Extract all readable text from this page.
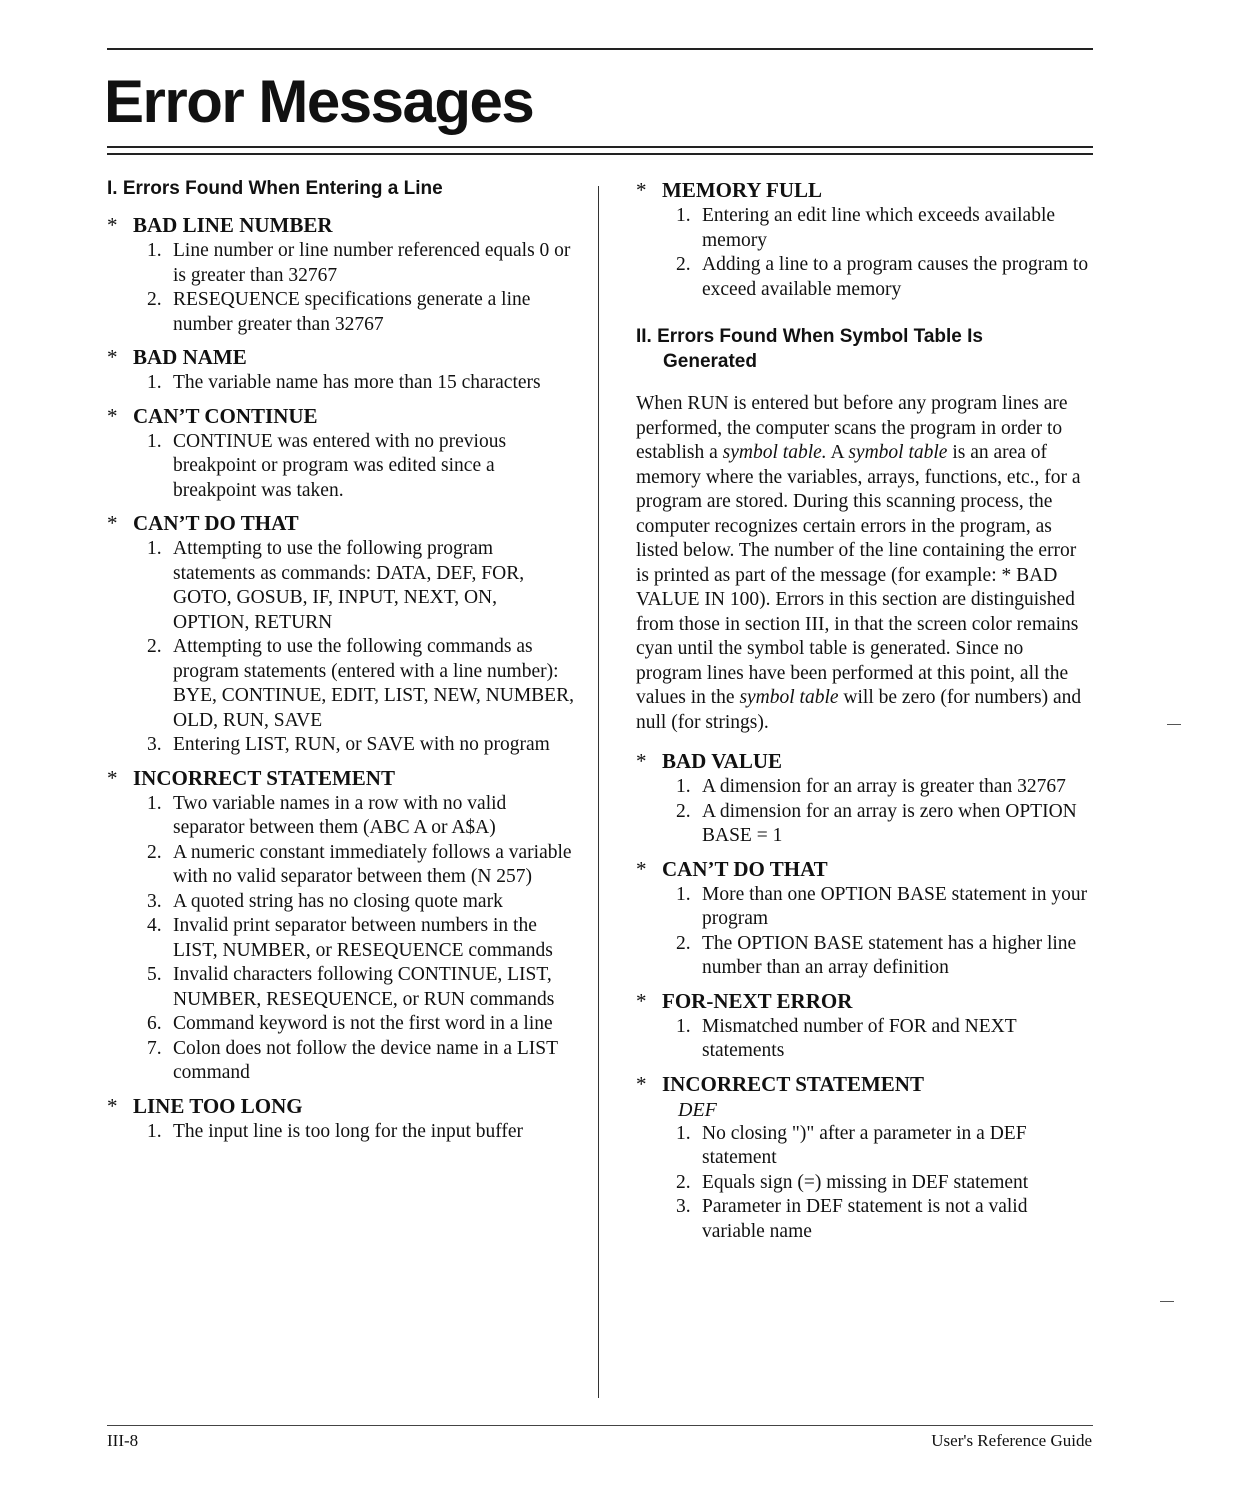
Error Messages
I. Errors Found When Entering a Line

* BAD LINE NUMBER

1. Line number or line number referenced equals 0 or is greater than 32767
2. RESEQUENCE specifications generate a line number greater than 32767

* BAD NAME

1. The variable name has more than 15 characters

* CAN’T CONTINUE

1. CONTINUE was entered with no previous breakpoint or program was edited since a breakpoint was taken.

* CAN’T DO THAT

1. Attempting to use the following program statements as commands: DATA, DEF, FOR, GOTO, GOSUB, IF, INPUT, NEXT, ON, OPTION, RETURN
2. Attempting to use the following commands as program statements (entered with a line number): BYE, CONTINUE, EDIT, LIST, NEW, NUMBER, OLD, RUN, SAVE
3. Entering LIST, RUN, or SAVE with no program

* INCORRECT STATEMENT

1. Two variable names in a row with no valid separator between them (ABC A or A$A)
2. A numeric constant immediately follows a variable with no valid separator between them (N 257)
3. A quoted string has no closing quote mark
4. Invalid print separator between numbers in the LIST, NUMBER, or RESEQUENCE commands
5. Invalid characters following CONTINUE, LIST, NUMBER, RESEQUENCE, or RUN commands
6. Command keyword is not the first word in a line
7. Colon does not follow the device name in a LIST command

* LINE TOO LONG

1. The input line is too long for the input buffer

* MEMORY FULL

1. Entering an edit line which exceeds available memory
2. Adding a line to a program causes the program to exceed available memory
II. Errors Found When Symbol Table Is
Generated

When RUN is entered but before any program lines are performed, the computer scans the program in order to establish a symbol table. A symbol table is an area of memory where the variables, arrays, functions, etc., for a program are stored. During this scanning process, the computer recognizes certain errors in the program, as listed below. The number of the line containing the error is printed as part of the message (for example: * BAD VALUE IN 100). Errors in this section are distinguished from those in section III, in that the screen color remains cyan until the symbol table is generated. Since no program lines have been performed at this point, all the values in the symbol table will be zero (for numbers) and null (for strings).

* BAD VALUE

1. A dimension for an array is greater than 32767
2. A dimension for an array is zero when OPTION BASE = 1

* CAN’T DO THAT

1. More than one OPTION BASE statement in your program
2. The OPTION BASE statement has a higher line number than an array definition

* FOR-NEXT ERROR

1. Mismatched number of FOR and NEXT statements

* INCORRECT STATEMENT

DEF
1. No closing ")" after a parameter in a DEF statement
2. Equals sign (=) missing in DEF statement
3. Parameter in DEF statement is not a valid variable name
III-8	User's Reference Guide
